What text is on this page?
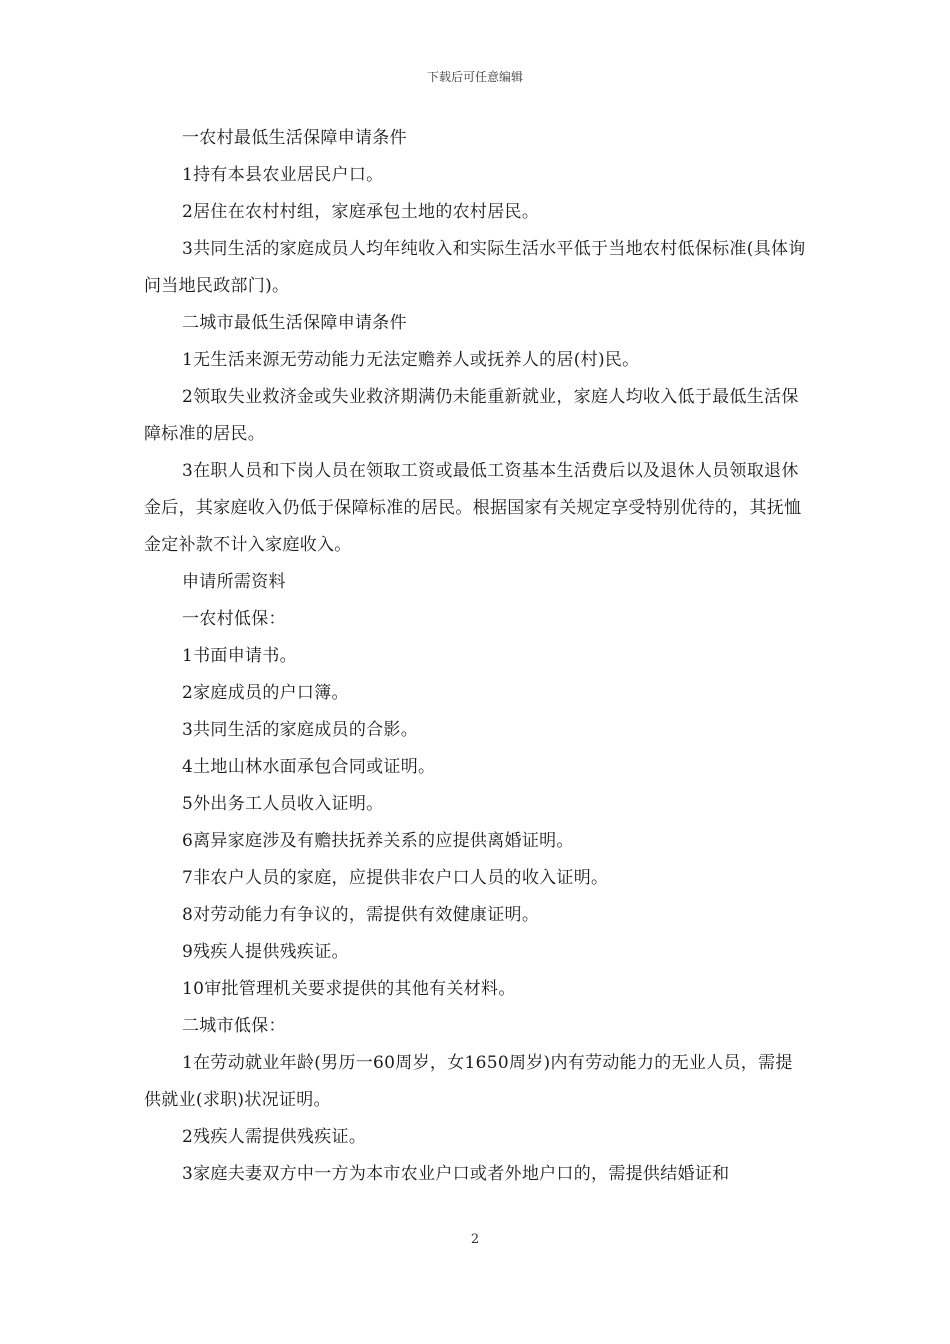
下载后可任意编辑

一农村最低生活保障申请条件

1持有本县农业居民户口。

2居住在农村村组，家庭承包土地的农村居民。

3共同生活的家庭成员人均年纯收入和实际生活水平低于当地农村低保标准(具体询问当地民政部门)。

二城市最低生活保障申请条件

1无生活来源无劳动能力无法定赡养人或抚养人的居(村)民。

2领取失业救济金或失业救济期满仍未能重新就业，家庭人均收入低于最低生活保障标准的居民。

3在职人员和下岗人员在领取工资或最低工资基本生活费后以及退休人员领取退休金后，其家庭收入仍低于保障标准的居民。根据国家有关规定享受特别优待的，其抚恤金定补款不计入家庭收入。

申请所需资料

一农村低保：

1书面申请书。

2家庭成员的户口簿。

3共同生活的家庭成员的合影。

4土地山林水面承包合同或证明。

5外出务工人员收入证明。

6离异家庭涉及有赡扶抚养关系的应提供离婚证明。

7非农户人员的家庭，应提供非农户口人员的收入证明。

8对劳动能力有争议的，需提供有效健康证明。

9残疾人提供残疾证。

10审批管理机关要求提供的其他有关材料。

二城市低保：

1在劳动就业年龄(男历一60周岁，女1650周岁)内有劳动能力的无业人员，需提供就业(求职)状况证明。

2残疾人需提供残疾证。

3家庭夫妻双方中一方为本市农业户口或者外地户口的，需提供结婚证和

2
